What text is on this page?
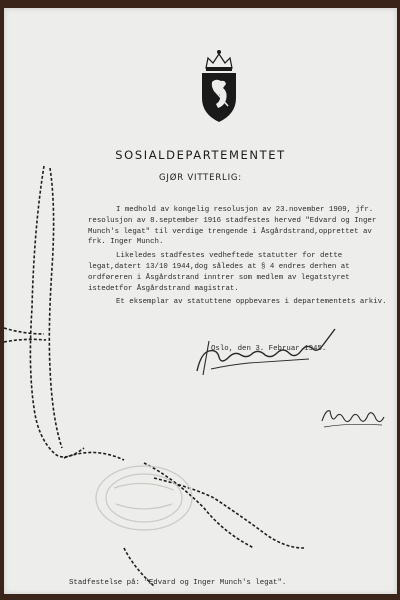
SOSIALDEPARTEMENTET
GJØR VITTERLIG:

I medhold av kongelig resolusjon av 23.november 1909, jfr. resolusjon av 8.september 1916 stadfestes herved "Edvard og Inger Munch's legat" til verdige trengende i Åsgårdstrand,opprettet av frk. Inger Munch.

Likeledes stadfestes vedheftede statutter for dette legat,datert 13/10 1944,dog således at § 4 endres derhen at ordføreren i Åsgårdstrand inntrer som medlem av legatstyret istedetfor Åsgårdstrand magistrat.

Et eksemplar av statuttene oppbevares i departementets arkiv.

Oslo, den 3. Februar 1945.
Stadfestelse på: "Edvard og Inger Munch's legat".
